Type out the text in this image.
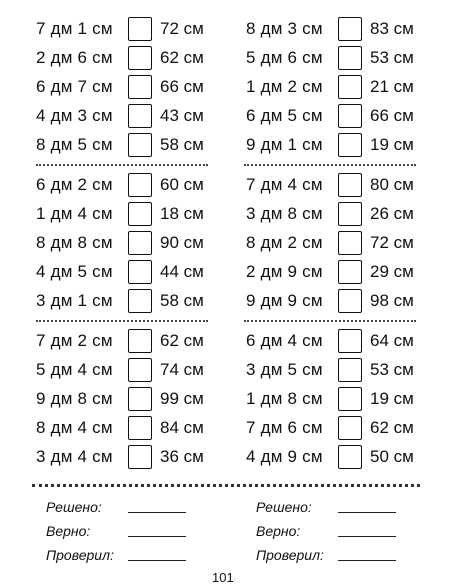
7 дм 1 см	72 см
2 дм 6 см	62 см
6 дм 7 см	66 см
4 дм 3 см	43 см
8 дм 5 см	58 см
8 дм 3 см	83 см
5 дм 6 см	53 см
1 дм 2 см	21 см
6 дм 5 см	66 см
9 дм 1 см	19 см
6 дм 2 см	60 см
1 дм 4 см	18 см
8 дм 8 см	90 см
4 дм 5 см	44 см
3 дм 1 см	58 см
7 дм 4 см	80 см
3 дм 8 см	26 см
8 дм 2 см	72 см
2 дм 9 см	29 см
9 дм 9 см	98 см
7 дм 2 см	62 см
5 дм 4 см	74 см
9 дм 8 см	99 см
8 дм 4 см	84 см
3 дм 4 см	36 см
6 дм 4 см	64 см
3 дм 5 см	53 см
1 дм 8 см	19 см
7 дм 6 см	62 см
4 дм 9 см	50 см
Решено:
Верно:
Проверил:
Решено:
Верно:
Проверил:
101
